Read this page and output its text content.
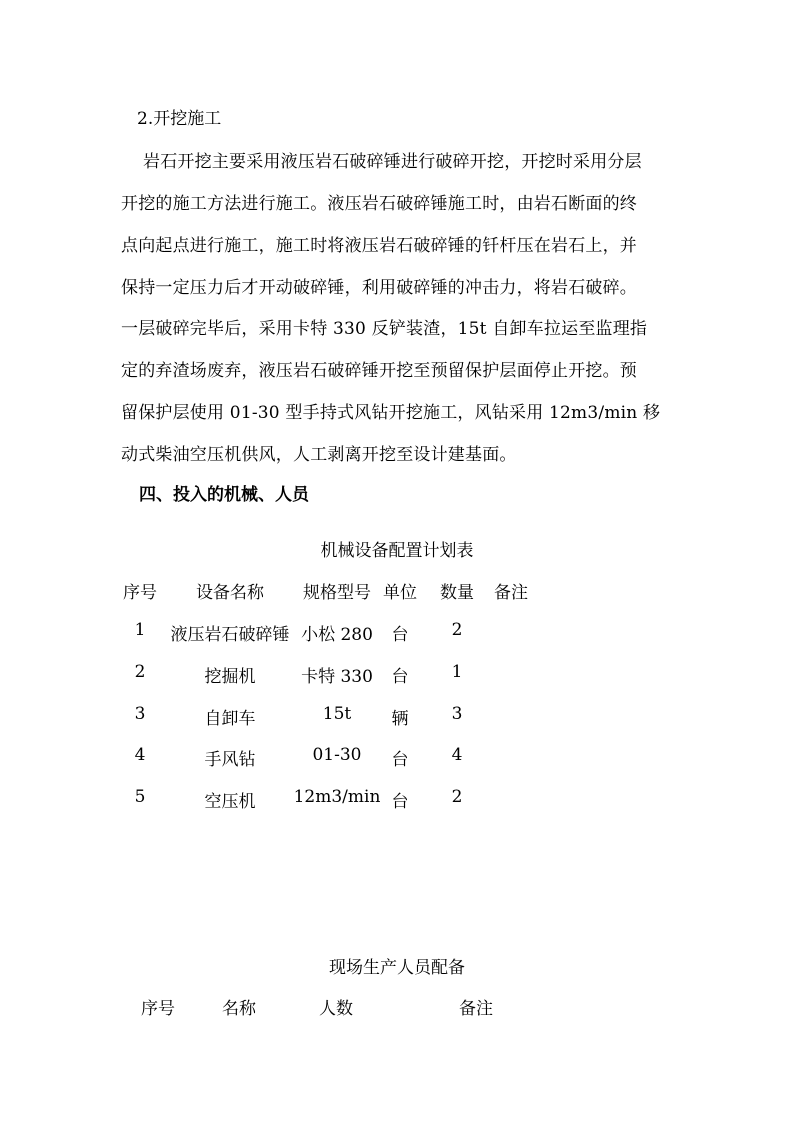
2.开挖施工
岩石开挖主要采用液压岩石破碎锤进行破碎开挖，开挖时采用分层
开挖的施工方法进行施工。液压岩石破碎锤施工时，由岩石断面的终
点向起点进行施工，施工时将液压岩石破碎锤的钎杆压在岩石上，并
保持一定压力后才开动破碎锤，利用破碎锤的冲击力，将岩石破碎。
一层破碎完毕后，采用卡特 330 反铲装渣，15t 自卸车拉运至监理指
定的弃渣场废弃，液压岩石破碎锤开挖至预留保护层面停止开挖。预
留保护层使用 01-30 型手持式风钻开挖施工，风钻采用 12m3/min 移
动式柴油空压机供风，人工剥离开挖至设计建基面。
四、投入的机械、人员
机械设备配置计划表
序号 设备名称 规格型号 单位 数量 备注
1 液压岩石破碎锤 小松 280 台	2
2	挖掘机	卡特 330 台	1
3	自卸车	15t 辆	3
4	手风钻	01-30 台	4
5	空压机 12m3/min 台	2
现场生产人员配备
序号	名称	人数	备注
